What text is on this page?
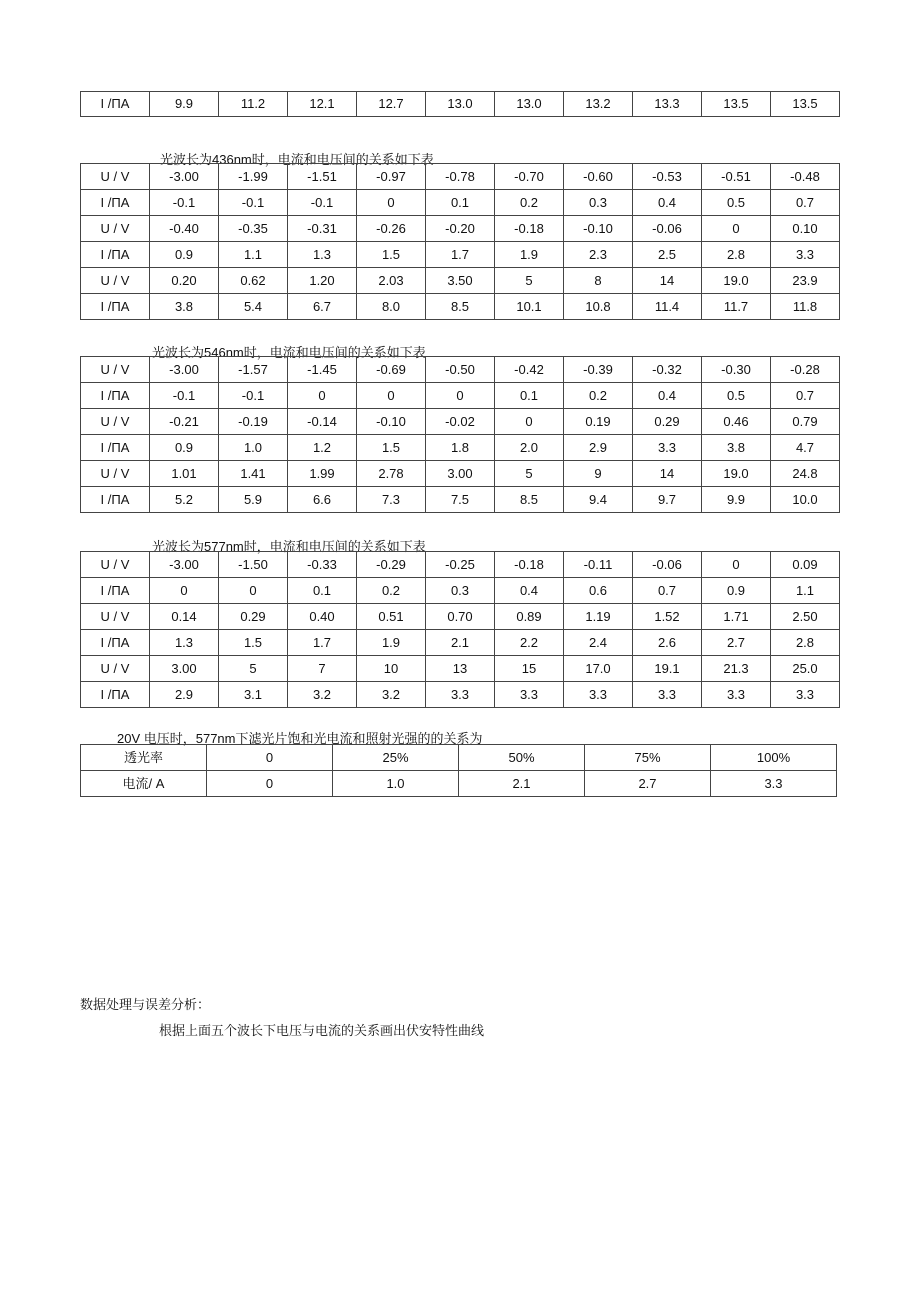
I /ΠA	9.9	11.2	12.1	12.7	13.0	13.0	13.2	13.3	13.5	13.5
光波长为436nm时，电流和电压间的关系如下表
U / V	-3.00	-1.99	-1.51	-0.97	-0.78	-0.70	-0.60	-0.53	-0.51	-0.48
I /ΠA	-0.1	-0.1	-0.1	0	0.1	0.2	0.3	0.4	0.5	0.7
U / V	-0.40	-0.35	-0.31	-0.26	-0.20	-0.18	-0.10	-0.06	0	0.10
I /ΠA	0.9	1.1	1.3	1.5	1.7	1.9	2.3	2.5	2.8	3.3
U / V	0.20	0.62	1.20	2.03	3.50	5	8	14	19.0	23.9
I /ΠA	3.8	5.4	6.7	8.0	8.5	10.1	10.8	11.4	11.7	11.8
光波长为546nm时，电流和电压间的关系如下表
U / V	-3.00	-1.57	-1.45	-0.69	-0.50	-0.42	-0.39	-0.32	-0.30	-0.28
I /ΠA	-0.1	-0.1	0	0	0	0.1	0.2	0.4	0.5	0.7
U / V	-0.21	-0.19	-0.14	-0.10	-0.02	0	0.19	0.29	0.46	0.79
I /ΠA	0.9	1.0	1.2	1.5	1.8	2.0	2.9	3.3	3.8	4.7
U / V	1.01	1.41	1.99	2.78	3.00	5	9	14	19.0	24.8
I /ΠA	5.2	5.9	6.6	7.3	7.5	8.5	9.4	9.7	9.9	10.0
光波长为577nm时，电流和电压间的关系如下表
U / V	-3.00	-1.50	-0.33	-0.29	-0.25	-0.18	-0.11	-0.06	0	0.09
I /ΠA	0	0	0.1	0.2	0.3	0.4	0.6	0.7	0.9	1.1
U / V	0.14	0.29	0.40	0.51	0.70	0.89	1.19	1.52	1.71	2.50
I /ΠA	1.3	1.5	1.7	1.9	2.1	2.2	2.4	2.6	2.7	2.8
U / V	3.00	5	7	10	13	15	17.0	19.1	21.3	25.0
I /ΠA	2.9	3.1	3.2	3.2	3.3	3.3	3.3	3.3	3.3	3.3
20V 电压时，577nm下滤光片饱和光电流和照射光强的的关系为
透光率	0	25%	50%	75%	100%
电流/ A	0	1.0	2.1	2.7	3.3
数据处理与误差分析：
根据上面五个波长下电压与电流的关系画出伏安特性曲线
